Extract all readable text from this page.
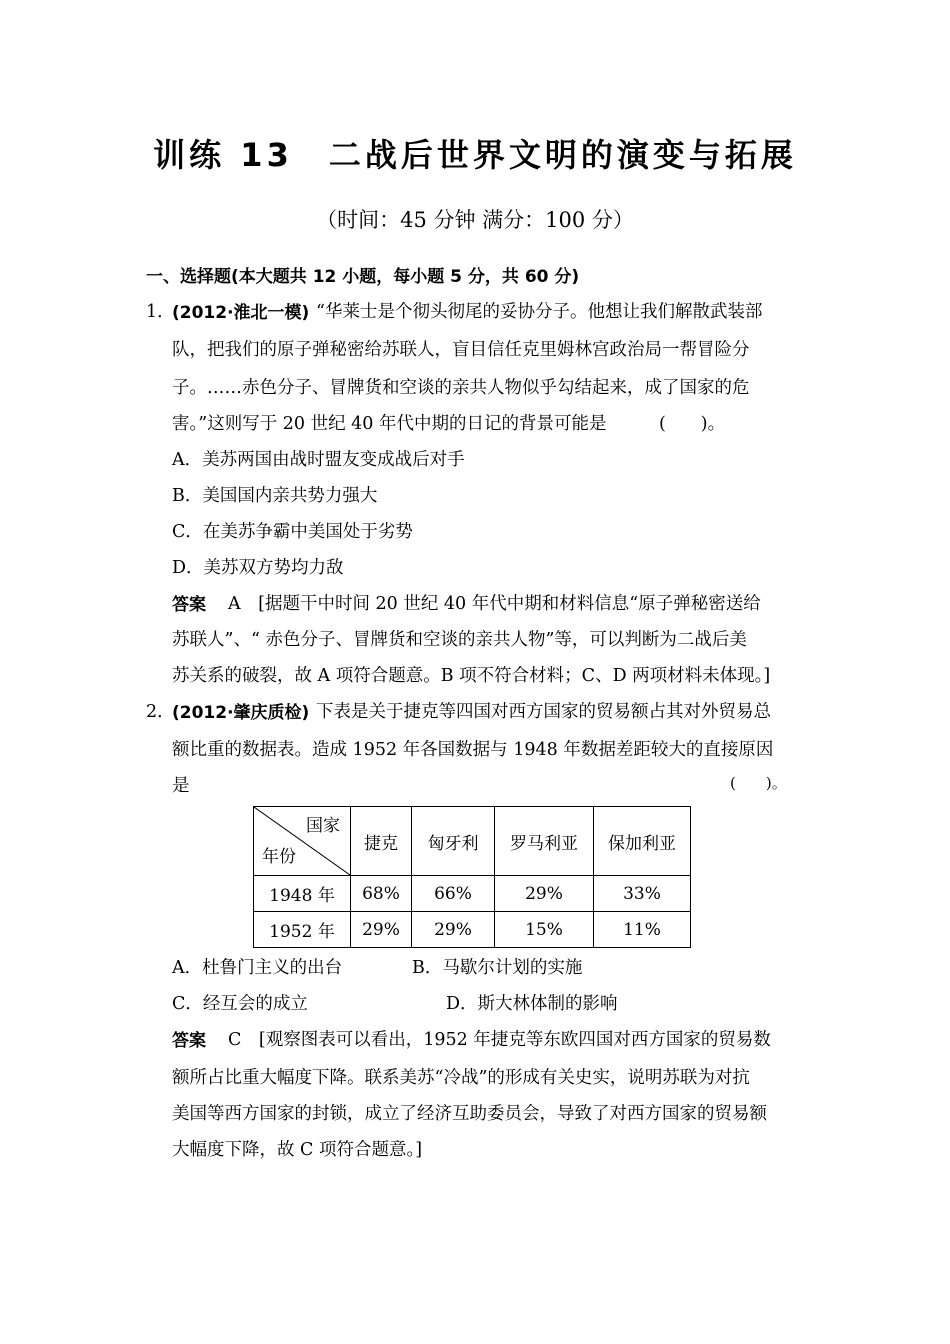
训练 13　二战后世界文明的演变与拓展
（时间：45 分钟 满分：100 分）
一、选择题(本大题共 12 小题，每小题 5 分，共 60 分)
1．
(2012·淮北一模) “华莱士是个彻头彻尾的妥协分子。他想让我们解散武装部
队，把我们的原子弹秘密给苏联人，盲目信任克里姆林宫政治局一帮冒险分
子。……赤色分子、冒牌货和空谈的亲共人物似乎勾结起来，成了国家的危
害。”这则写于 20 世纪 40 年代中期的日记的背景可能是　　　(　　)。
A．美苏两国由战时盟友变成战后对手
B．美国国内亲共势力强大
C．在美苏争霸中美国处于劣势
D．美苏双方势均力敌
答案 A　[据题干中时间 20 世纪 40 年代中期和材料信息“原子弹秘密送给
苏联人”、“ 赤色分子、冒牌货和空谈的亲共人物”等，可以判断为二战后美
苏关系的破裂，故 A 项符合题意。B 项不符合材料；C、D 两项材料未体现。]
2．
(2012·肇庆质检) 下表是关于捷克等四国对西方国家的贸易额占其对外贸易总
额比重的数据表。造成 1952 年各国数据与 1948 年数据差距较大的直接原因
是	(　　)。
国家
年份	捷克	匈牙利	罗马利亚	保加利亚
1948 年	68%	66%	29%	33%
1952 年	29%	29%	15%	11%
A．杜鲁门主义的出台	B．马歇尔计划的实施
C．经互会的成立	D．斯大林体制的影响
答案 C　[观察图表可以看出，1952 年捷克等东欧四国对西方国家的贸易数
额所占比重大幅度下降。联系美苏“冷战”的形成有关史实，说明苏联为对抗
美国等西方国家的封锁，成立了经济互助委员会，导致了对西方国家的贸易额
大幅度下降，故 C 项符合题意。]
